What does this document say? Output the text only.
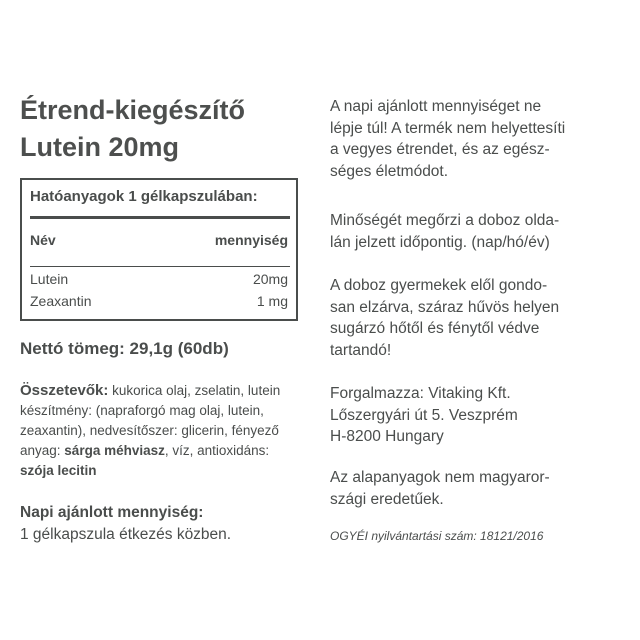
Étrend-kiegészítő
Lutein 20mg
Hatóanyagok 1 gélkapszulában:
Név	mennyiség
Lutein	20mg
Zeaxantin	1 mg
Nettó tömeg: 29,1g (60db)

Összetevők: kukorica olaj, zselatin, lutein készítmény: (napraforgó mag olaj, lutein, zeaxantin), nedvesítőszer: glicerin, fényező anyag: sárga méhviasz, víz, antioxidáns: szója lecitin

Napi ajánlott mennyiség:
1 gélkapszula étkezés közben.

A napi ajánlott mennyiséget ne
lépje túl! A termék nem helyettesíti
a vegyes étrendet, és az egész-
séges életmódot.

Minőségét megőrzi a doboz olda-
lán jelzett időpontig. (nap/hó/év)

A doboz gyermekek elől gondo-
san elzárva, száraz hűvös helyen
sugárzó hőtől és fénytől védve
tartandó!

Forgalmazza: Vitaking Kft.
Lőszergyári út 5. Veszprém
H-8200 Hungary

Az alapanyagok nem magyaror-
szági eredetűek.

OGYÉI nyilvántartási szám: 18121/2016
